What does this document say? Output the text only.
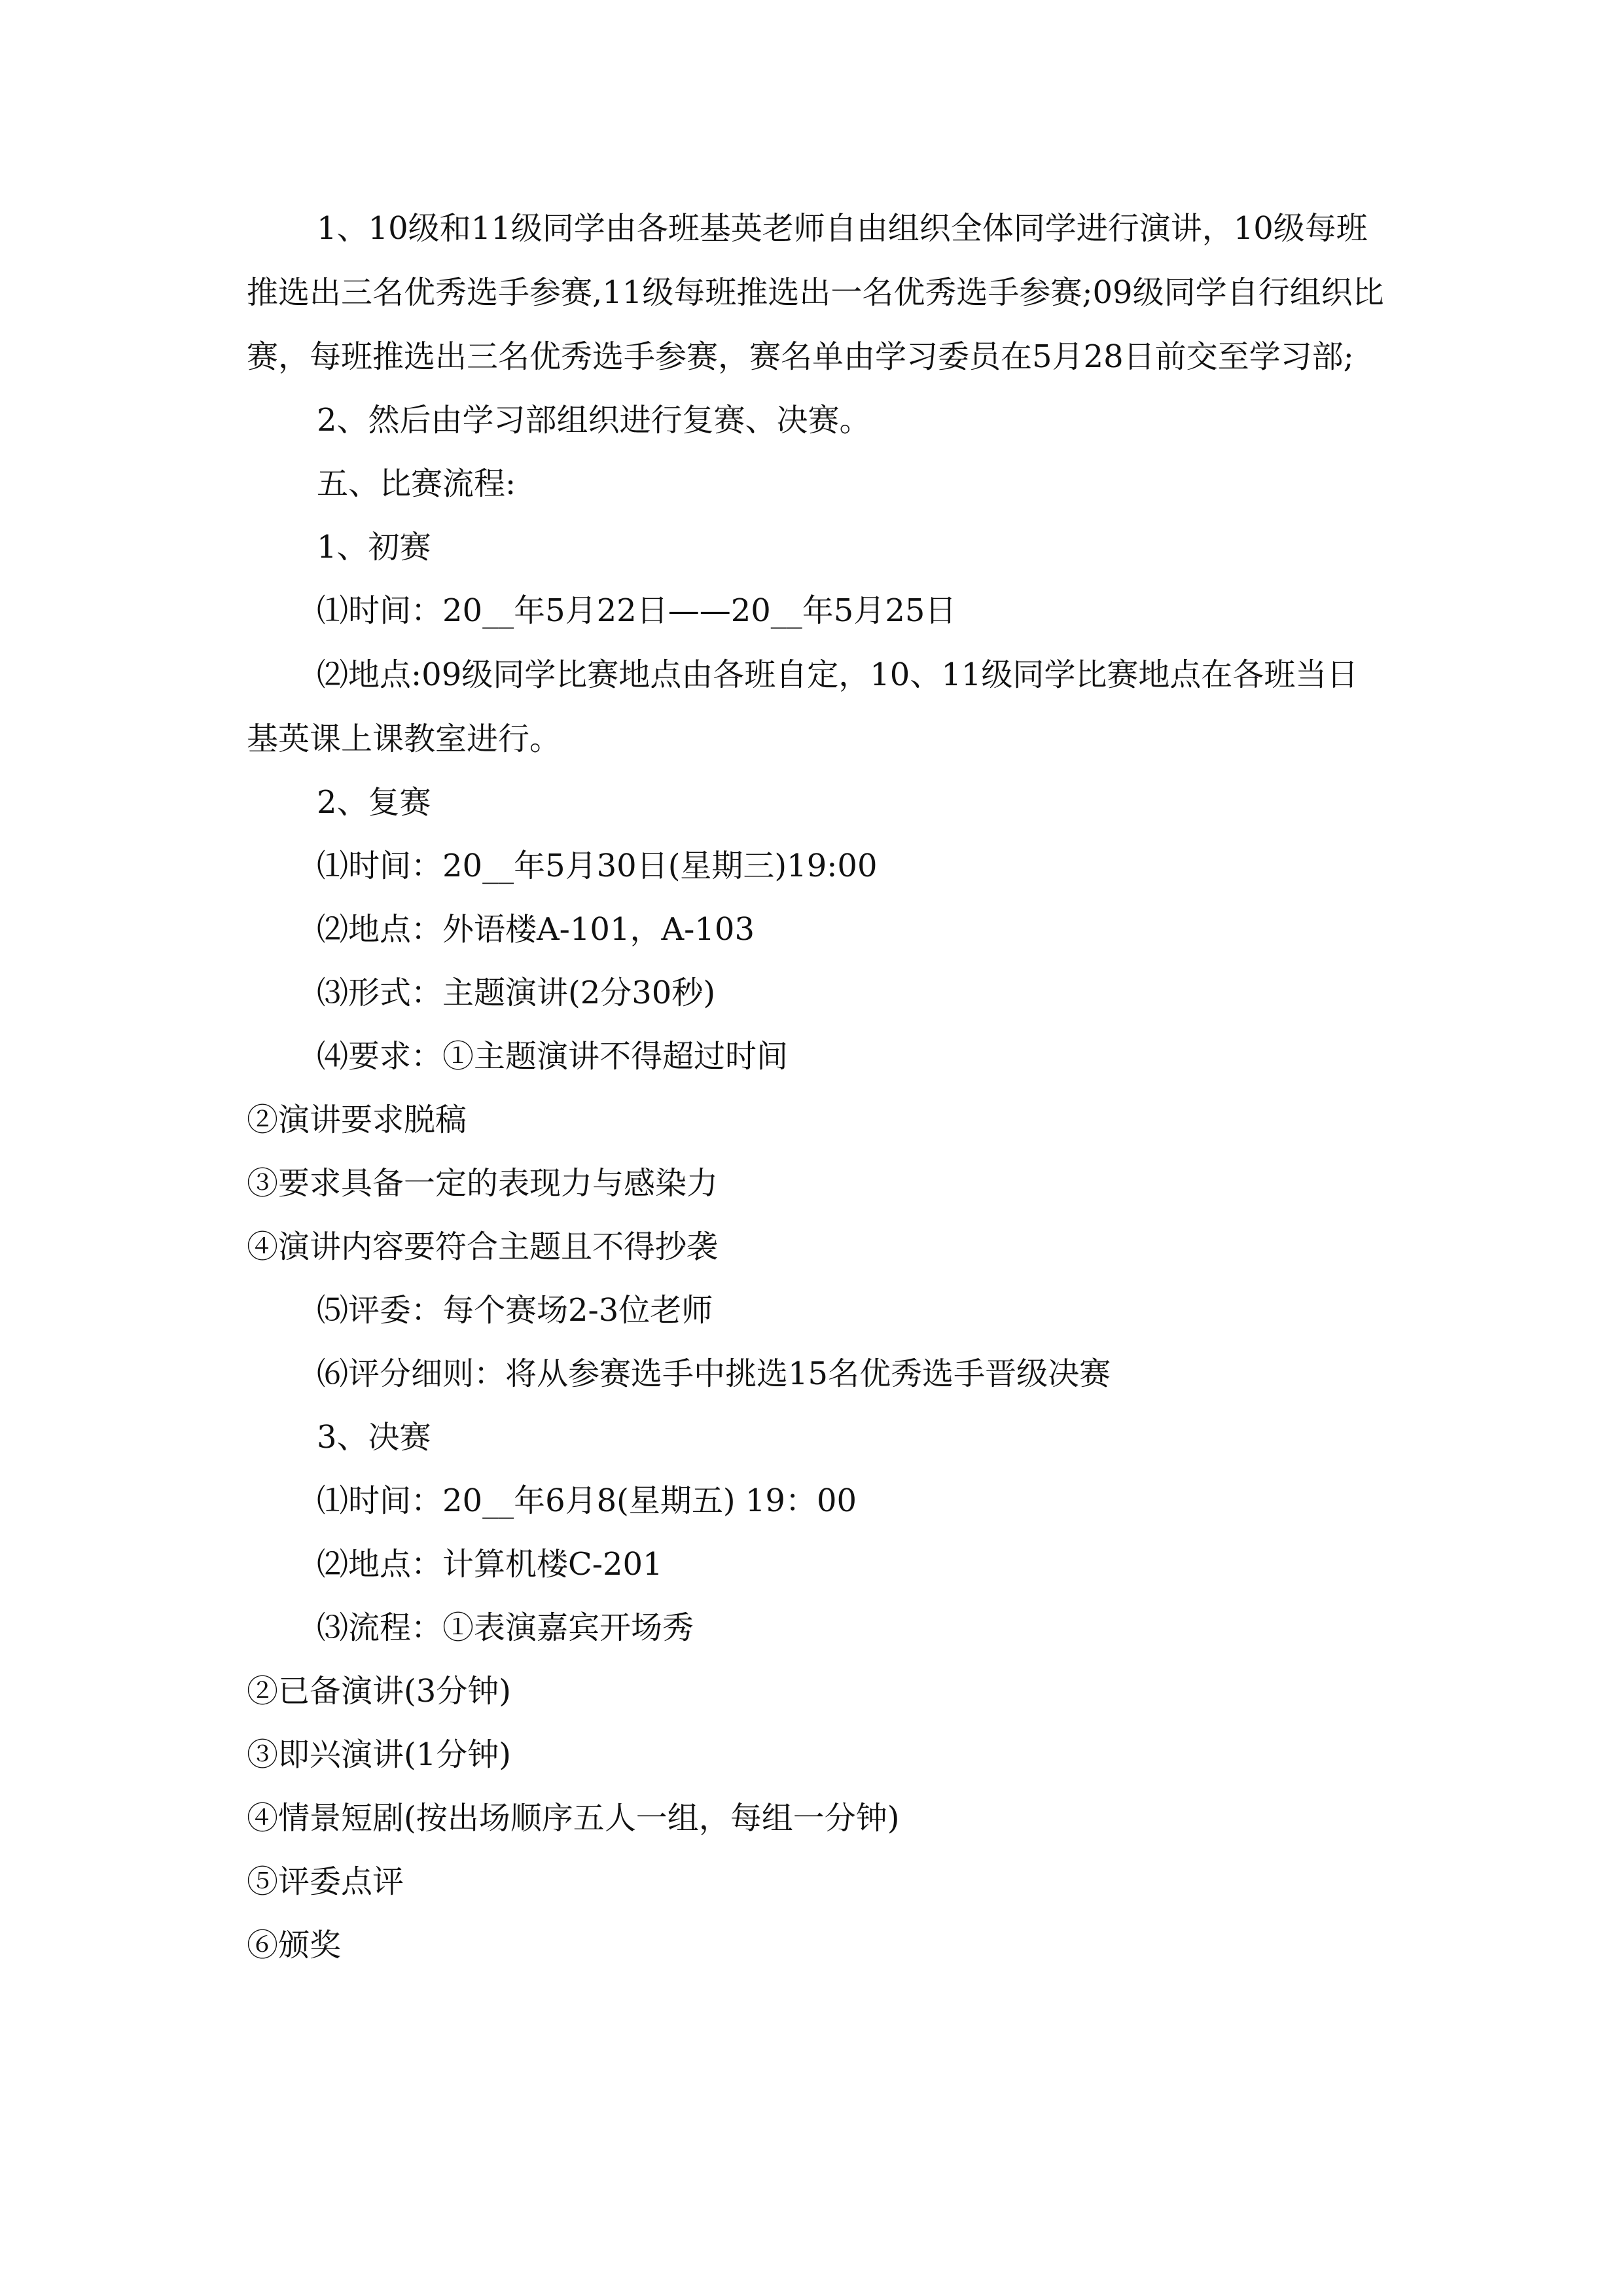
1、10级和11级同学由各班基英老师自由组织全体同学进行演讲，10级每班推选出三名优秀选手参赛,11级每班推选出一名优秀选手参赛;09级同学自行组织比赛，每班推选出三名优秀选手参赛，赛名单由学习委员在5月28日前交至学习部;

2、然后由学习部组织进行复赛、决赛。
五、比赛流程:
1、初赛
⑴时间：20__年5月22日——20__年5月25日

⑵地点:09级同学比赛地点由各班自定，10、11级同学比赛地点在各班当日基英课上课教室进行。

2、复赛
⑴时间：20__年5月30日(星期三)19:00
⑵地点：外语楼A-101，A-103
⑶形式：主题演讲(2分30秒)
⑷要求：①主题演讲不得超过时间
②演讲要求脱稿
③要求具备一定的表现力与感染力
④演讲内容要符合主题且不得抄袭
⑸评委：每个赛场2-3位老师
⑹评分细则：将从参赛选手中挑选15名优秀选手晋级决赛
3、决赛
⑴时间：20__年6月8(星期五) 19：00
⑵地点：计算机楼C-201
⑶流程：①表演嘉宾开场秀
②已备演讲(3分钟)
③即兴演讲(1分钟)
④情景短剧(按出场顺序五人一组，每组一分钟)
⑤评委点评
⑥颁奖
